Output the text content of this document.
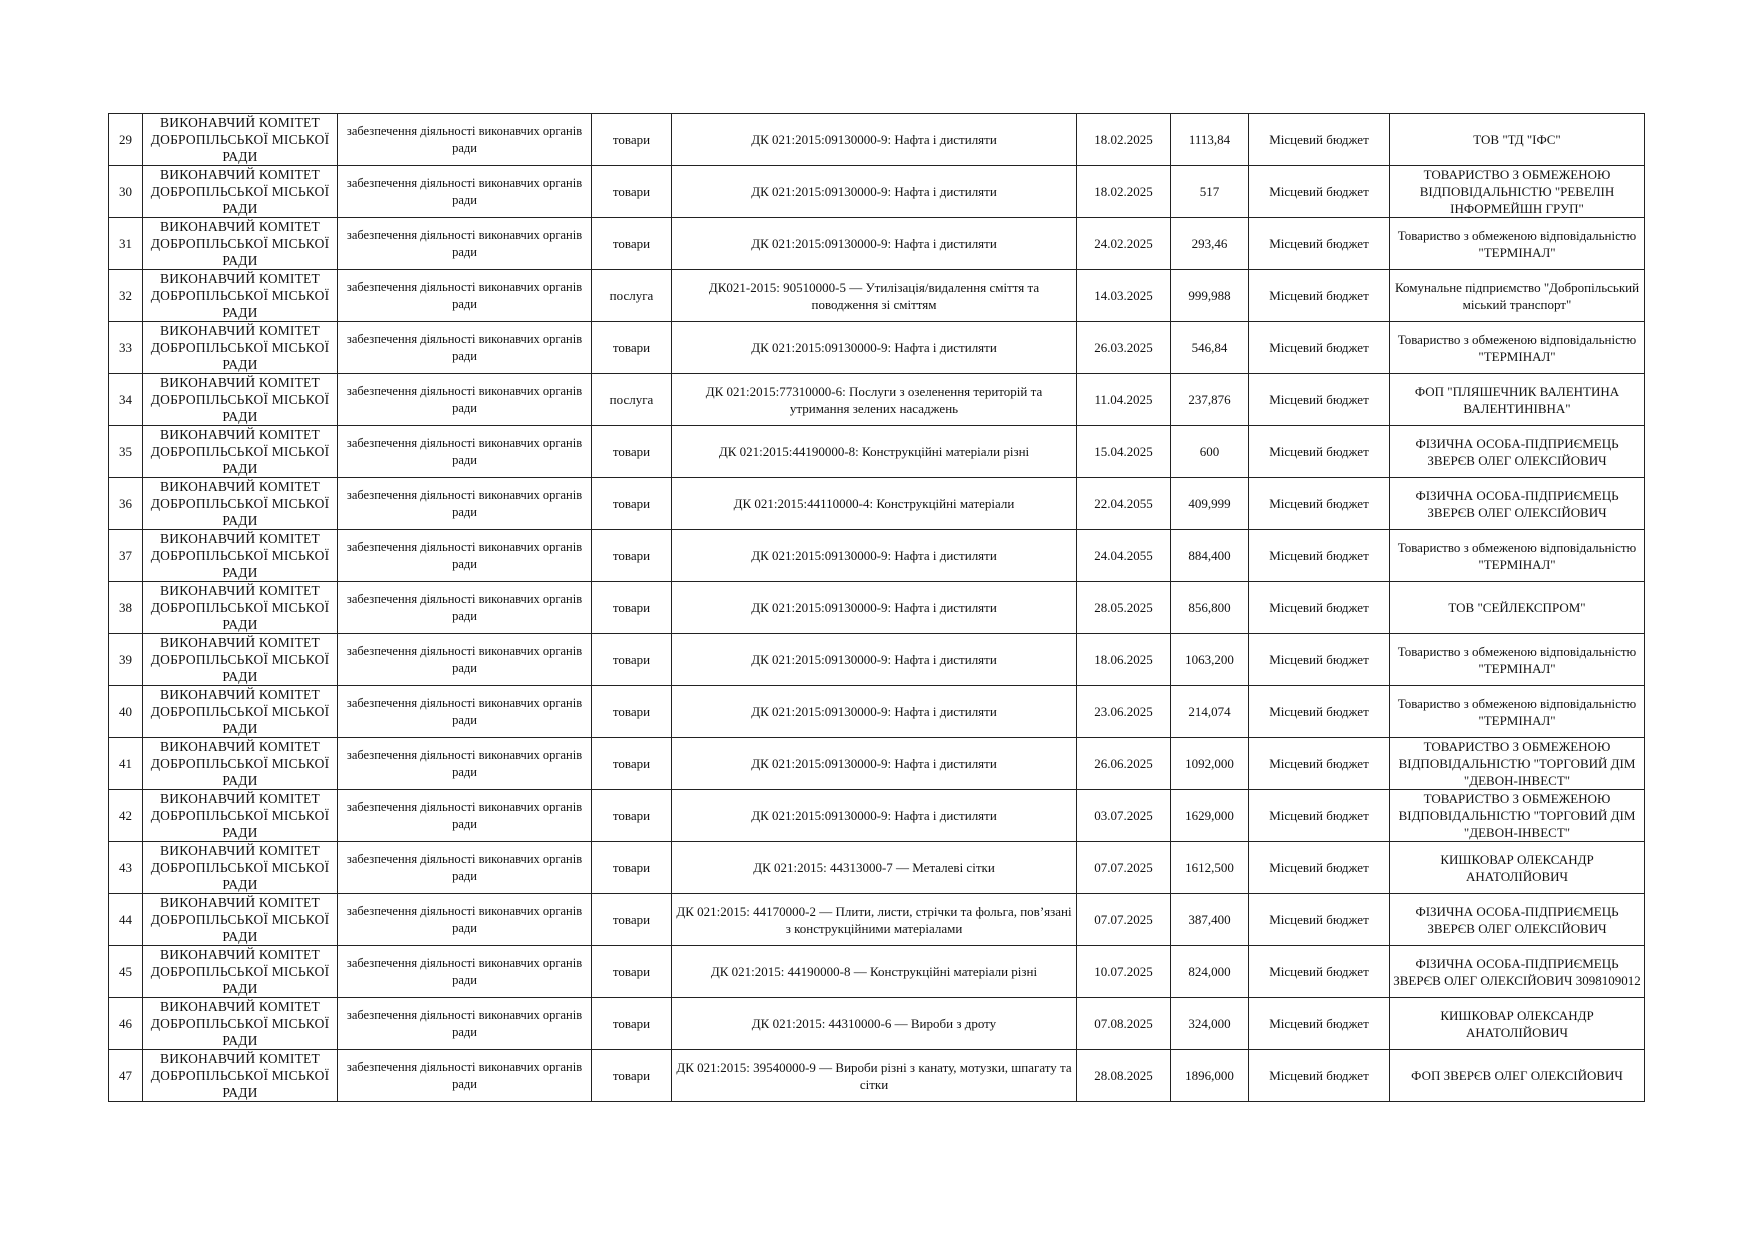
29	ВИКОНАВЧИЙ КОМІТЕТ ДОБРОПІЛЬСЬКОЇ МІСЬКОЇ РАДИ	забезпечення діяльності виконавчих органів ради	товари	ДК 021:2015:09130000-9: Нафта і дистиляти	18.02.2025	1113,84	Місцевий бюджет	ТОВ "ТД "ІФС"
30	ВИКОНАВЧИЙ КОМІТЕТ ДОБРОПІЛЬСЬКОЇ МІСЬКОЇ РАДИ	забезпечення діяльності виконавчих органів ради	товари	ДК 021:2015:09130000-9: Нафта і дистиляти	18.02.2025	517	Місцевий бюджет	ТОВАРИСТВО З ОБМЕЖЕНОЮ ВІДПОВІДАЛЬНІСТЮ "РЕВЕЛІН ІНФОРМЕЙШН ГРУП"
31	ВИКОНАВЧИЙ КОМІТЕТ ДОБРОПІЛЬСЬКОЇ МІСЬКОЇ РАДИ	забезпечення діяльності виконавчих органів ради	товари	ДК 021:2015:09130000-9: Нафта і дистиляти	24.02.2025	293,46	Місцевий бюджет	Товариство з обмеженою відповідальністю "ТЕРМІНАЛ"
32	ВИКОНАВЧИЙ КОМІТЕТ ДОБРОПІЛЬСЬКОЇ МІСЬКОЇ РАДИ	забезпечення діяльності виконавчих органів ради	послуга	ДК021-2015: 90510000-5 — Утилізація/видалення сміття та поводження зі сміттям	14.03.2025	999,988	Місцевий бюджет	Комунальне підприємство "Добропільський міський транспорт"
33	ВИКОНАВЧИЙ КОМІТЕТ ДОБРОПІЛЬСЬКОЇ МІСЬКОЇ РАДИ	забезпечення діяльності виконавчих органів ради	товари	ДК 021:2015:09130000-9: Нафта і дистиляти	26.03.2025	546,84	Місцевий бюджет	Товариство з обмеженою відповідальністю "ТЕРМІНАЛ"
34	ВИКОНАВЧИЙ КОМІТЕТ ДОБРОПІЛЬСЬКОЇ МІСЬКОЇ РАДИ	забезпечення діяльності виконавчих органів ради	послуга	ДК 021:2015:77310000-6: Послуги з озеленення територій та утримання зелених насаджень	11.04.2025	237,876	Місцевий бюджет	ФОП "ПЛЯШЕЧНИК ВАЛЕНТИНА ВАЛЕНТИНІВНА"
35	ВИКОНАВЧИЙ КОМІТЕТ ДОБРОПІЛЬСЬКОЇ МІСЬКОЇ РАДИ	забезпечення діяльності виконавчих органів ради	товари	ДК 021:2015:44190000-8: Конструкційні матеріали різні	15.04.2025	600	Місцевий бюджет	ФІЗИЧНА ОСОБА-ПІДПРИЄМЕЦЬ ЗВЕРЄВ ОЛЕГ ОЛЕКСІЙОВИЧ
36	ВИКОНАВЧИЙ КОМІТЕТ ДОБРОПІЛЬСЬКОЇ МІСЬКОЇ РАДИ	забезпечення діяльності виконавчих органів ради	товари	ДК 021:2015:44110000-4: Конструкційні матеріали	22.04.2055	409,999	Місцевий бюджет	ФІЗИЧНА ОСОБА-ПІДПРИЄМЕЦЬ ЗВЕРЄВ ОЛЕГ ОЛЕКСІЙОВИЧ
37	ВИКОНАВЧИЙ КОМІТЕТ ДОБРОПІЛЬСЬКОЇ МІСЬКОЇ РАДИ	забезпечення діяльності виконавчих органів ради	товари	ДК 021:2015:09130000-9: Нафта і дистиляти	24.04.2055	884,400	Місцевий бюджет	Товариство з обмеженою відповідальністю "ТЕРМІНАЛ"
38	ВИКОНАВЧИЙ КОМІТЕТ ДОБРОПІЛЬСЬКОЇ МІСЬКОЇ РАДИ	забезпечення діяльності виконавчих органів ради	товари	ДК 021:2015:09130000-9: Нафта і дистиляти	28.05.2025	856,800	Місцевий бюджет	ТОВ "СЕЙЛЕКСПРОМ"
39	ВИКОНАВЧИЙ КОМІТЕТ ДОБРОПІЛЬСЬКОЇ МІСЬКОЇ РАДИ	забезпечення діяльності виконавчих органів ради	товари	ДК 021:2015:09130000-9: Нафта і дистиляти	18.06.2025	1063,200	Місцевий бюджет	Товариство з обмеженою відповідальністю "ТЕРМІНАЛ"
40	ВИКОНАВЧИЙ КОМІТЕТ ДОБРОПІЛЬСЬКОЇ МІСЬКОЇ РАДИ	забезпечення діяльності виконавчих органів ради	товари	ДК 021:2015:09130000-9: Нафта і дистиляти	23.06.2025	214,074	Місцевий бюджет	Товариство з обмеженою відповідальністю "ТЕРМІНАЛ"
41	ВИКОНАВЧИЙ КОМІТЕТ ДОБРОПІЛЬСЬКОЇ МІСЬКОЇ РАДИ	забезпечення діяльності виконавчих органів ради	товари	ДК 021:2015:09130000-9: Нафта і дистиляти	26.06.2025	1092,000	Місцевий бюджет	ТОВАРИСТВО З ОБМЕЖЕНОЮ ВІДПОВІДАЛЬНІСТЮ "ТОРГОВИЙ ДІМ "ДЕВОН-ІНВЕСТ"
42	ВИКОНАВЧИЙ КОМІТЕТ ДОБРОПІЛЬСЬКОЇ МІСЬКОЇ РАДИ	забезпечення діяльності виконавчих органів ради	товари	ДК 021:2015:09130000-9: Нафта і дистиляти	03.07.2025	1629,000	Місцевий бюджет	ТОВАРИСТВО З ОБМЕЖЕНОЮ ВІДПОВІДАЛЬНІСТЮ "ТОРГОВИЙ ДІМ "ДЕВОН-ІНВЕСТ"
43	ВИКОНАВЧИЙ КОМІТЕТ ДОБРОПІЛЬСЬКОЇ МІСЬКОЇ РАДИ	забезпечення діяльності виконавчих органів ради	товари	ДК 021:2015: 44313000-7 — Металеві сітки	07.07.2025	1612,500	Місцевий бюджет	КИШКОВАР ОЛЕКСАНДР АНАТОЛІЙОВИЧ
44	ВИКОНАВЧИЙ КОМІТЕТ ДОБРОПІЛЬСЬКОЇ МІСЬКОЇ РАДИ	забезпечення діяльності виконавчих органів ради	товари	ДК 021:2015: 44170000-2 — Плити, листи, стрічки та фольга, пов’язані з конструкційними матеріалами	07.07.2025	387,400	Місцевий бюджет	ФІЗИЧНА ОСОБА-ПІДПРИЄМЕЦЬ ЗВЕРЄВ ОЛЕГ ОЛЕКСІЙОВИЧ
45	ВИКОНАВЧИЙ КОМІТЕТ ДОБРОПІЛЬСЬКОЇ МІСЬКОЇ РАДИ	забезпечення діяльності виконавчих органів ради	товари	ДК 021:2015: 44190000-8 — Конструкційні матеріали різні	10.07.2025	824,000	Місцевий бюджет	ФІЗИЧНА ОСОБА-ПІДПРИЄМЕЦЬ ЗВЕРЄВ ОЛЕГ ОЛЕКСІЙОВИЧ 3098109012
46	ВИКОНАВЧИЙ КОМІТЕТ ДОБРОПІЛЬСЬКОЇ МІСЬКОЇ РАДИ	забезпечення діяльності виконавчих органів ради	товари	ДК 021:2015: 44310000-6 — Вироби з дроту	07.08.2025	324,000	Місцевий бюджет	КИШКОВАР ОЛЕКСАНДР АНАТОЛІЙОВИЧ
47	ВИКОНАВЧИЙ КОМІТЕТ ДОБРОПІЛЬСЬКОЇ МІСЬКОЇ РАДИ	забезпечення діяльності виконавчих органів ради	товари	ДК 021:2015: 39540000-9 — Вироби різні з канату, мотузки, шпагату та сітки	28.08.2025	1896,000	Місцевий бюджет	ФОП ЗВЕРЄВ ОЛЕГ ОЛЕКСІЙОВИЧ
